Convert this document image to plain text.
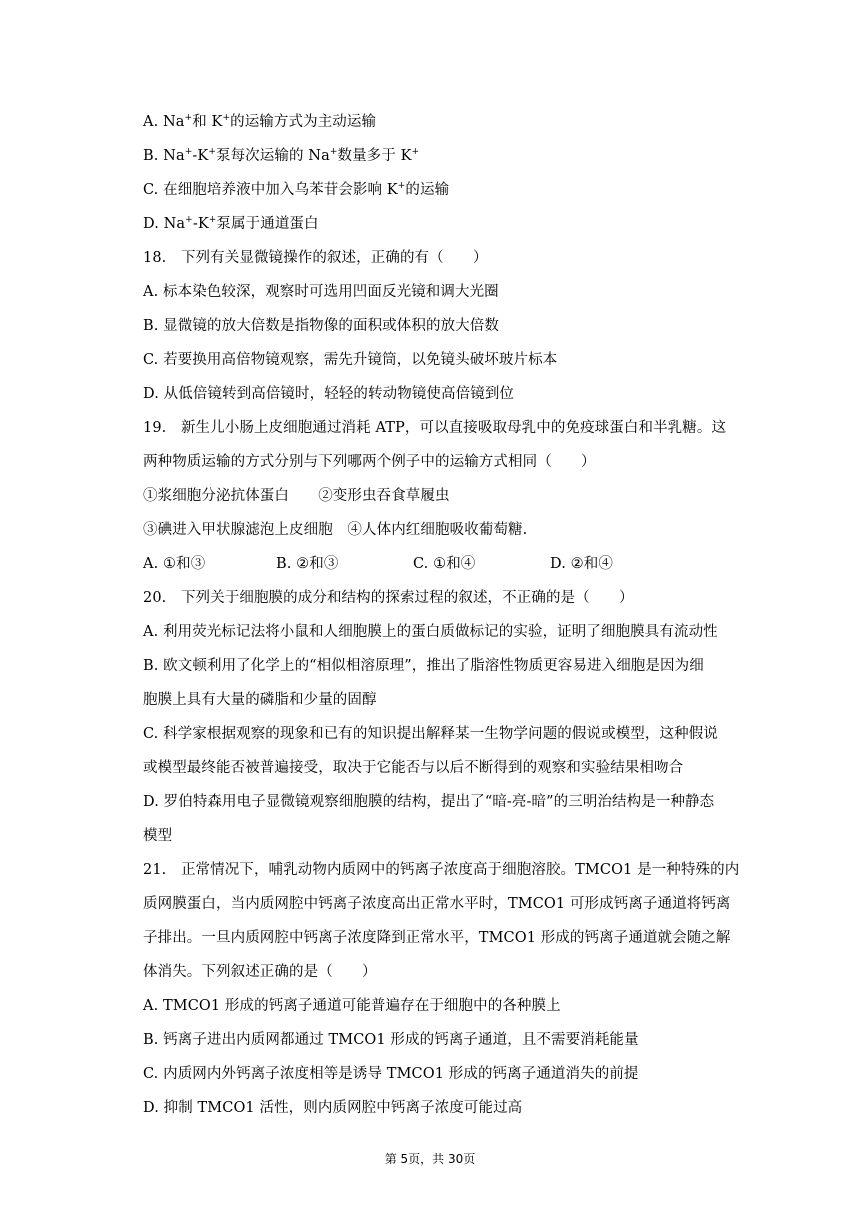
A. Na+和 K+的运输方式为主动运输
B. Na+-K+泵每次运输的 Na+数量多于 K+
C. 在细胞培养液中加入乌苯苷会影响 K+的运输
D. Na+-K+泵属于通道蛋白
18.　下列有关显微镜操作的叙述，正确的有（　　）
A. 标本染色较深，观察时可选用凹面反光镜和调大光圈
B. 显微镜的放大倍数是指物像的面积或体积的放大倍数
C. 若要换用高倍物镜观察，需先升镜筒，以免镜头破坏玻片标本
D. 从低倍镜转到高倍镜时，轻轻的转动物镜使高倍镜到位
19.　新生儿小肠上皮细胞通过消耗 ATP，可以直接吸取母乳中的免疫球蛋白和半乳糖。这
两种物质运输的方式分别与下列哪两个例子中的运输方式相同（　　）
①浆细胞分泌抗体蛋白　　②变形虫吞食草履虫
③碘进入甲状腺滤泡上皮细胞　④人体内红细胞吸收葡萄糖.
A. ①和③	B. ②和③	C. ①和④	D. ②和④
20.　下列关于细胞膜的成分和结构的探索过程的叙述，不正确的是（　　）
A. 利用荧光标记法将小鼠和人细胞膜上的蛋白质做标记的实验，证明了细胞膜具有流动性
B. 欧文顿利用了化学上的“相似相溶原理”，推出了脂溶性物质更容易进入细胞是因为细
胞膜上具有大量的磷脂和少量的固醇
C. 科学家根据观察的现象和已有的知识提出解释某一生物学问题的假说或模型，这种假说
或模型最终能否被普遍接受，取决于它能否与以后不断得到的观察和实验结果相吻合
D. 罗伯特森用电子显微镜观察细胞膜的结构，提出了“暗-亮-暗”的三明治结构是一种静态
模型
21.　正常情况下，哺乳动物内质网中的钙离子浓度高于细胞溶胶。TMCO1 是一种特殊的内
质网膜蛋白，当内质网腔中钙离子浓度高出正常水平时，TMCO1 可形成钙离子通道将钙离
子排出。一旦内质网腔中钙离子浓度降到正常水平，TMCO1 形成的钙离子通道就会随之解
体消失。下列叙述正确的是（　　）
A. TMCO1 形成的钙离子通道可能普遍存在于细胞中的各种膜上
B. 钙离子进出内质网都通过 TMCO1 形成的钙离子通道，且不需要消耗能量
C. 内质网内外钙离子浓度相等是诱导 TMCO1 形成的钙离子通道消失的前提
D. 抑制 TMCO1 活性，则内质网腔中钙离子浓度可能过高
第 5页，共 30页
